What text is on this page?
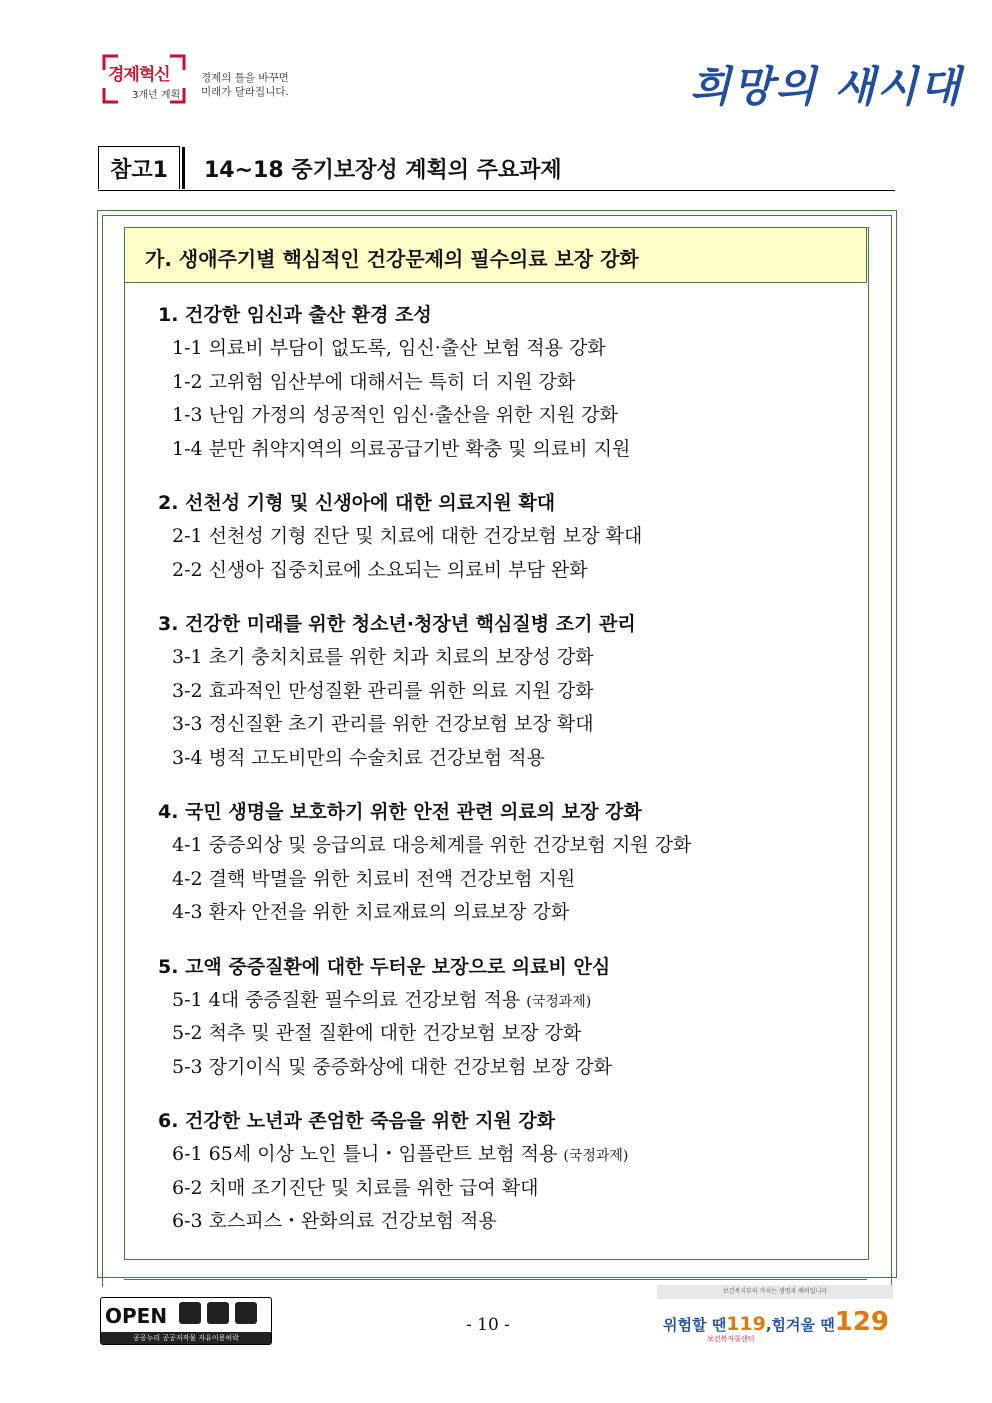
경제혁신
3개년 계획
경제의 틀을 바꾸면
미래가 달라집니다.	희망의 새시대
참고1	14~18 중기보장성 계획의 주요과제
가. 생애주기별 핵심적인 건강문제의 필수의료 보장 강화
1. 건강한 임신과 출산 환경 조성
1-1 의료비 부담이 없도록, 임신·출산 보험 적용 강화
1-2 고위험 임산부에 대해서는 특히 더 지원 강화
1-3 난임 가정의 성공적인 임신·출산을 위한 지원 강화
1-4 분만 취약지역의 의료공급기반 확충 및 의료비 지원
2. 선천성 기형 및 신생아에 대한 의료지원 확대
2-1 선천성 기형 진단 및 치료에 대한 건강보험 보장 확대
2-2 신생아 집중치료에 소요되는 의료비 부담 완화
3. 건강한 미래를 위한 청소년·청장년 핵심질병 조기 관리
3-1 초기 충치치료를 위한 치과 치료의 보장성 강화
3-2 효과적인 만성질환 관리를 위한 의료 지원 강화
3-3 정신질환 초기 관리를 위한 건강보험 보장 확대
3-4 병적 고도비만의 수술치료 건강보험 적용
4. 국민 생명을 보호하기 위한 안전 관련 의료의 보장 강화
4-1 중증외상 및 응급의료 대응체계를 위한 건강보험 지원 강화
4-2 결핵 박멸을 위한 치료비 전액 건강보험 지원
4-3 환자 안전을 위한 치료재료의 의료보장 강화
5. 고액 중증질환에 대한 두터운 보장으로 의료비 안심
5-1 4대 중증질환 필수의료 건강보험 적용 (국정과제)
5-2 척추 및 관절 질환에 대한 건강보험 보장 강화
5-3 장기이식 및 중증화상에 대한 건강보험 보장 강화
6. 건강한 노년과 존엄한 죽음을 위한 지원 강화
6-1 65세 이상 노인 틀니・임플란트 보험 적용 (국정과제)
6-2 치매 조기진단 및 치료를 위한 급여 확대
6-3 호스피스・완화의료 건강보험 적용
OPEN
공공누리 공공저작물 자유이용허락
- 10 -
보건복지부의 가치는 생명과 배려입니다
위험할 땐119,힘겨울 땐129
보건복지콜센터
